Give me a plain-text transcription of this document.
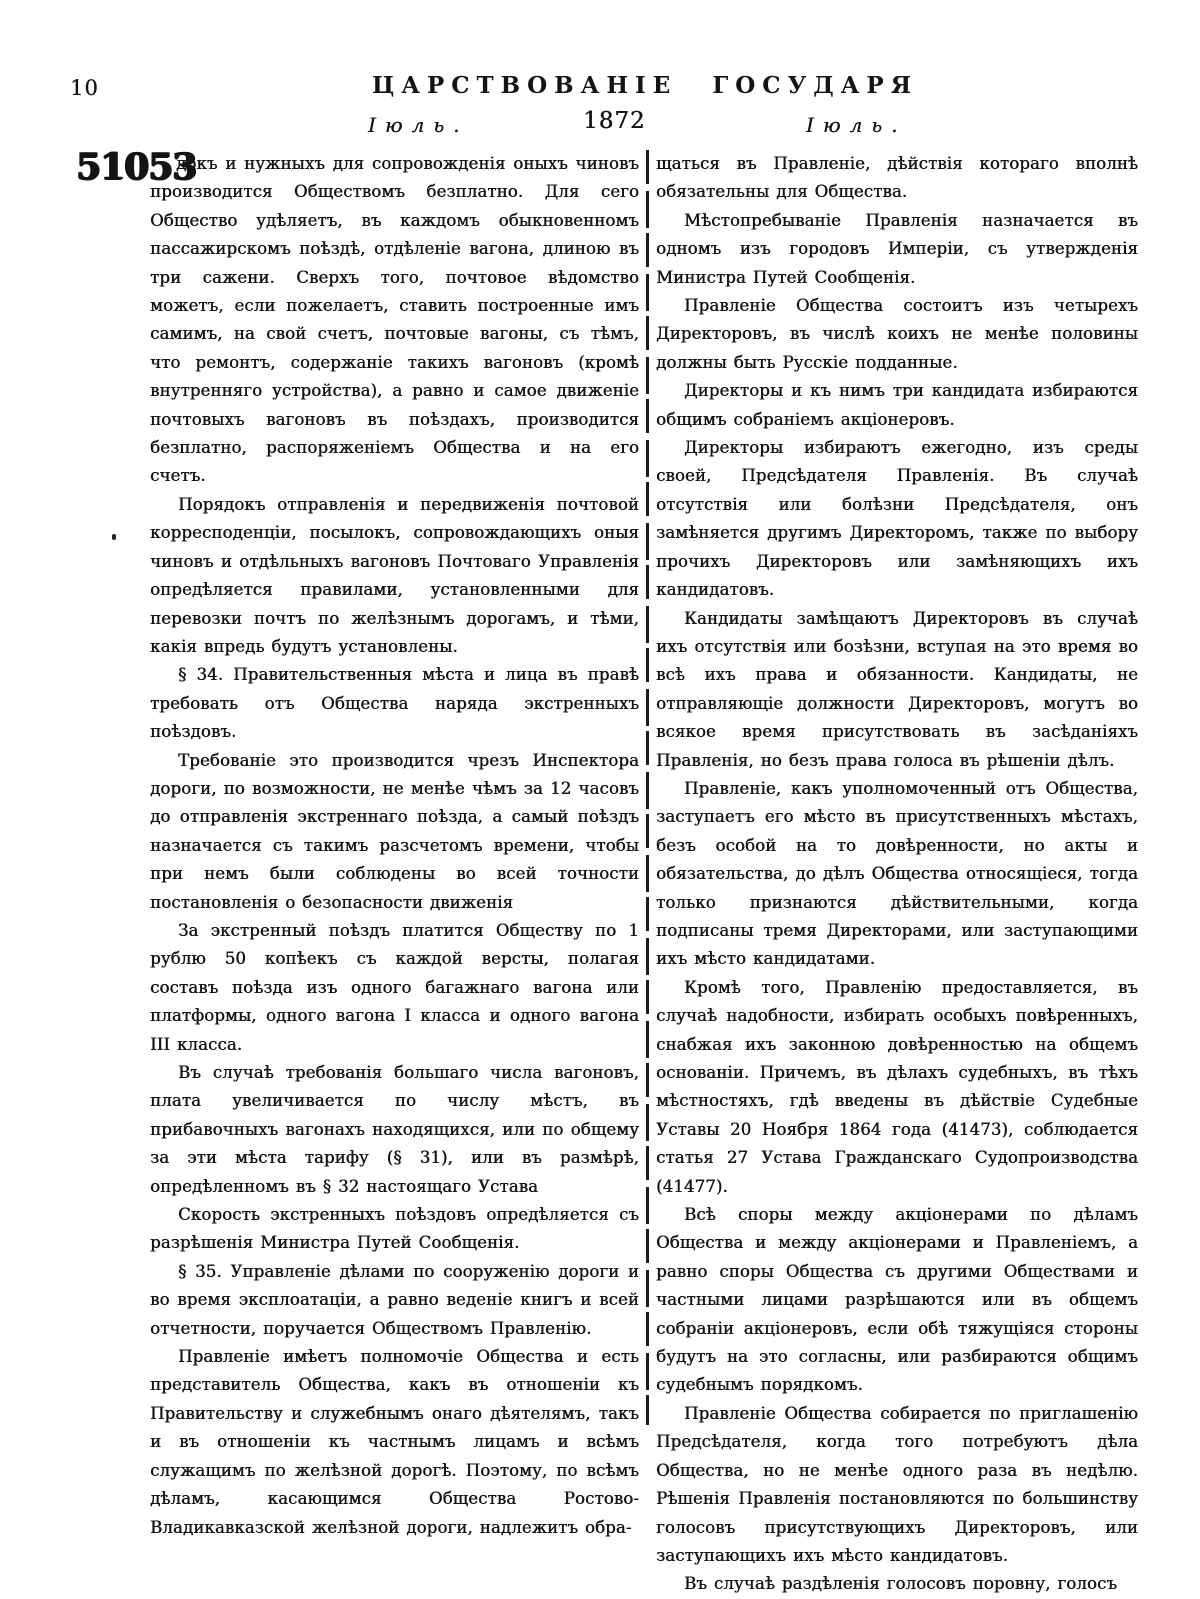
10	ЦАРСТВОВАНІЕ ГОСУДАРЯ
Іюль.	1872	Іюль.
51053

докъ и нужныхъ для сопровожденія оныхъ чиновъ производится Обществомъ безплатно. Для сего Общество удѣляетъ, въ каждомъ обыкновенномъ пассажирскомъ поѣздѣ, отдѣленіе вагона, длиною въ три сажени. Сверхъ того, почтовое вѣдомство можетъ, если пожелаетъ, ставить построенные имъ самимъ, на свой счетъ, почтовые вагоны, съ тѣмъ, что ремонтъ, содержаніе такихъ вагоновъ (кромѣ внутренняго устройства), а равно и самое движеніе почтовыхъ вагоновъ въ поѣздахъ, производится безплатно, распоряженіемъ Общества и на его счетъ.

Порядокъ отправленія и передвиженія почтовой корресподенціи, посылокъ, сопровождающихъ оныя чиновъ и отдѣльныхъ вагоновъ Почтоваго Управленія опредѣляется правилами, установленными для перевозки почтъ по желѣзнымъ дорогамъ, и тѣми, какія впредь будутъ установлены.

§ 34. Правительственныя мѣста и лица въ правѣ требовать отъ Общества наряда экстренныхъ поѣздовъ.

Требованіе это производится чрезъ Инспектора дороги, по возможности, не менѣе чѣмъ за 12 часовъ до отправленія экстреннаго поѣзда, а самый поѣздъ назначается съ такимъ разсчетомъ времени, чтобы при немъ были соблюдены во всей точности постановленія о безопасности движенія

За экстренный поѣздъ платится Обществу по 1 рублю 50 копѣекъ съ каждой версты, полагая составъ поѣзда изъ одного багажнаго вагона или платформы, одного вагона I класса и одного вагона III класса.

Въ случаѣ требованія большаго числа вагоновъ, плата увеличивается по числу мѣстъ, въ прибавочныхъ вагонахъ находящихся, или по общему за эти мѣста тарифу (§ 31), или въ размѣрѣ, опредѣленномъ въ § 32 настоящаго Устава

Скорость экстренныхъ поѣздовъ опредѣляется съ разрѣшенія Министра Путей Сообщенія.

§ 35. Управленіе дѣлами по сооруженію дороги и во время эксплоатаціи, а равно веденіе книгъ и всей отчетности, поручается Обществомъ Правленію.

Правленіе имѣетъ полномочіе Общества и есть представитель Общества, какъ въ отношеніи къ Правительству и служебнымъ онаго дѣятелямъ, такъ и въ отношеніи къ частнымъ лицамъ и всѣмъ служащимъ по желѣзной дорогѣ. Поэтому, по всѣмъ дѣламъ, касающимся Общества Ростово-Владикавказской желѣзной дороги, надлежитъ обра-

щаться въ Правленіе, дѣйствія котораго вполнѣ обязательны для Общества.

Мѣстопребываніе Правленія назначается въ одномъ изъ городовъ Имперіи, съ утвержденія Министра Путей Сообщенія.

Правленіе Общества состоитъ изъ четырехъ Директоровъ, въ числѣ коихъ не менѣе половины должны быть Русскіе подданные.

Директоры и къ нимъ три кандидата избираются общимъ собраніемъ акціонеровъ.

Директоры избираютъ ежегодно, изъ среды своей, Предсѣдателя Правленія. Въ случаѣ отсутствія или болѣзни Предсѣдателя, онъ замѣняется другимъ Директоромъ, также по выбору прочихъ Директоровъ или замѣняющихъ ихъ кандидатовъ.

Кандидаты замѣщаютъ Директоровъ въ случаѣ ихъ отсутствія или бозѣзни, вступая на это время во всѣ ихъ права и обязанности. Кандидаты, не отправляющіе должности Директоровъ, могутъ во всякое время присутствовать въ засѣданіяхъ Правленія, но безъ права голоса въ рѣшеніи дѣлъ.

Правленіе, какъ уполномоченный отъ Общества, заступаетъ его мѣсто въ присутственныхъ мѣстахъ, безъ особой на то довѣренности, но акты и обязательства, до дѣлъ Общества относящіеся, тогда только признаются дѣйствительными, когда подписаны тремя Директорами, или заступающими ихъ мѣсто кандидатами.

Кромѣ того, Правленію предоставляется, въ случаѣ надобности, избирать особыхъ повѣренныхъ, снабжая ихъ законною довѣренностью на общемъ основаніи. Причемъ, въ дѣлахъ судебныхъ, въ тѣхъ мѣстностяхъ, гдѣ введены въ дѣйствіе Судебные Уставы 20 Ноября 1864 года (41473), соблюдается статья 27 Устава Гражданскаго Судопроизводства (41477).

Всѣ споры между акціонерами по дѣламъ Общества и между акціонерами и Правленіемъ, а равно споры Общества съ другими Обществами и частными лицами разрѣшаются или въ общемъ собраніи акціонеровъ, если обѣ тяжущіяся стороны будутъ на это согласны, или разбираются общимъ судебнымъ порядкомъ.

Правленіе Общества собирается по приглашенію Предсѣдателя, когда того потребуютъ дѣла Общества, но не менѣе одного раза въ недѣлю. Рѣшенія Правленія постановляются по большинству голосовъ присутствующихъ Директоровъ, или заступающихъ ихъ мѣсто кандидатовъ.

Въ случаѣ раздѣленія голосовъ поровну, голосъ
